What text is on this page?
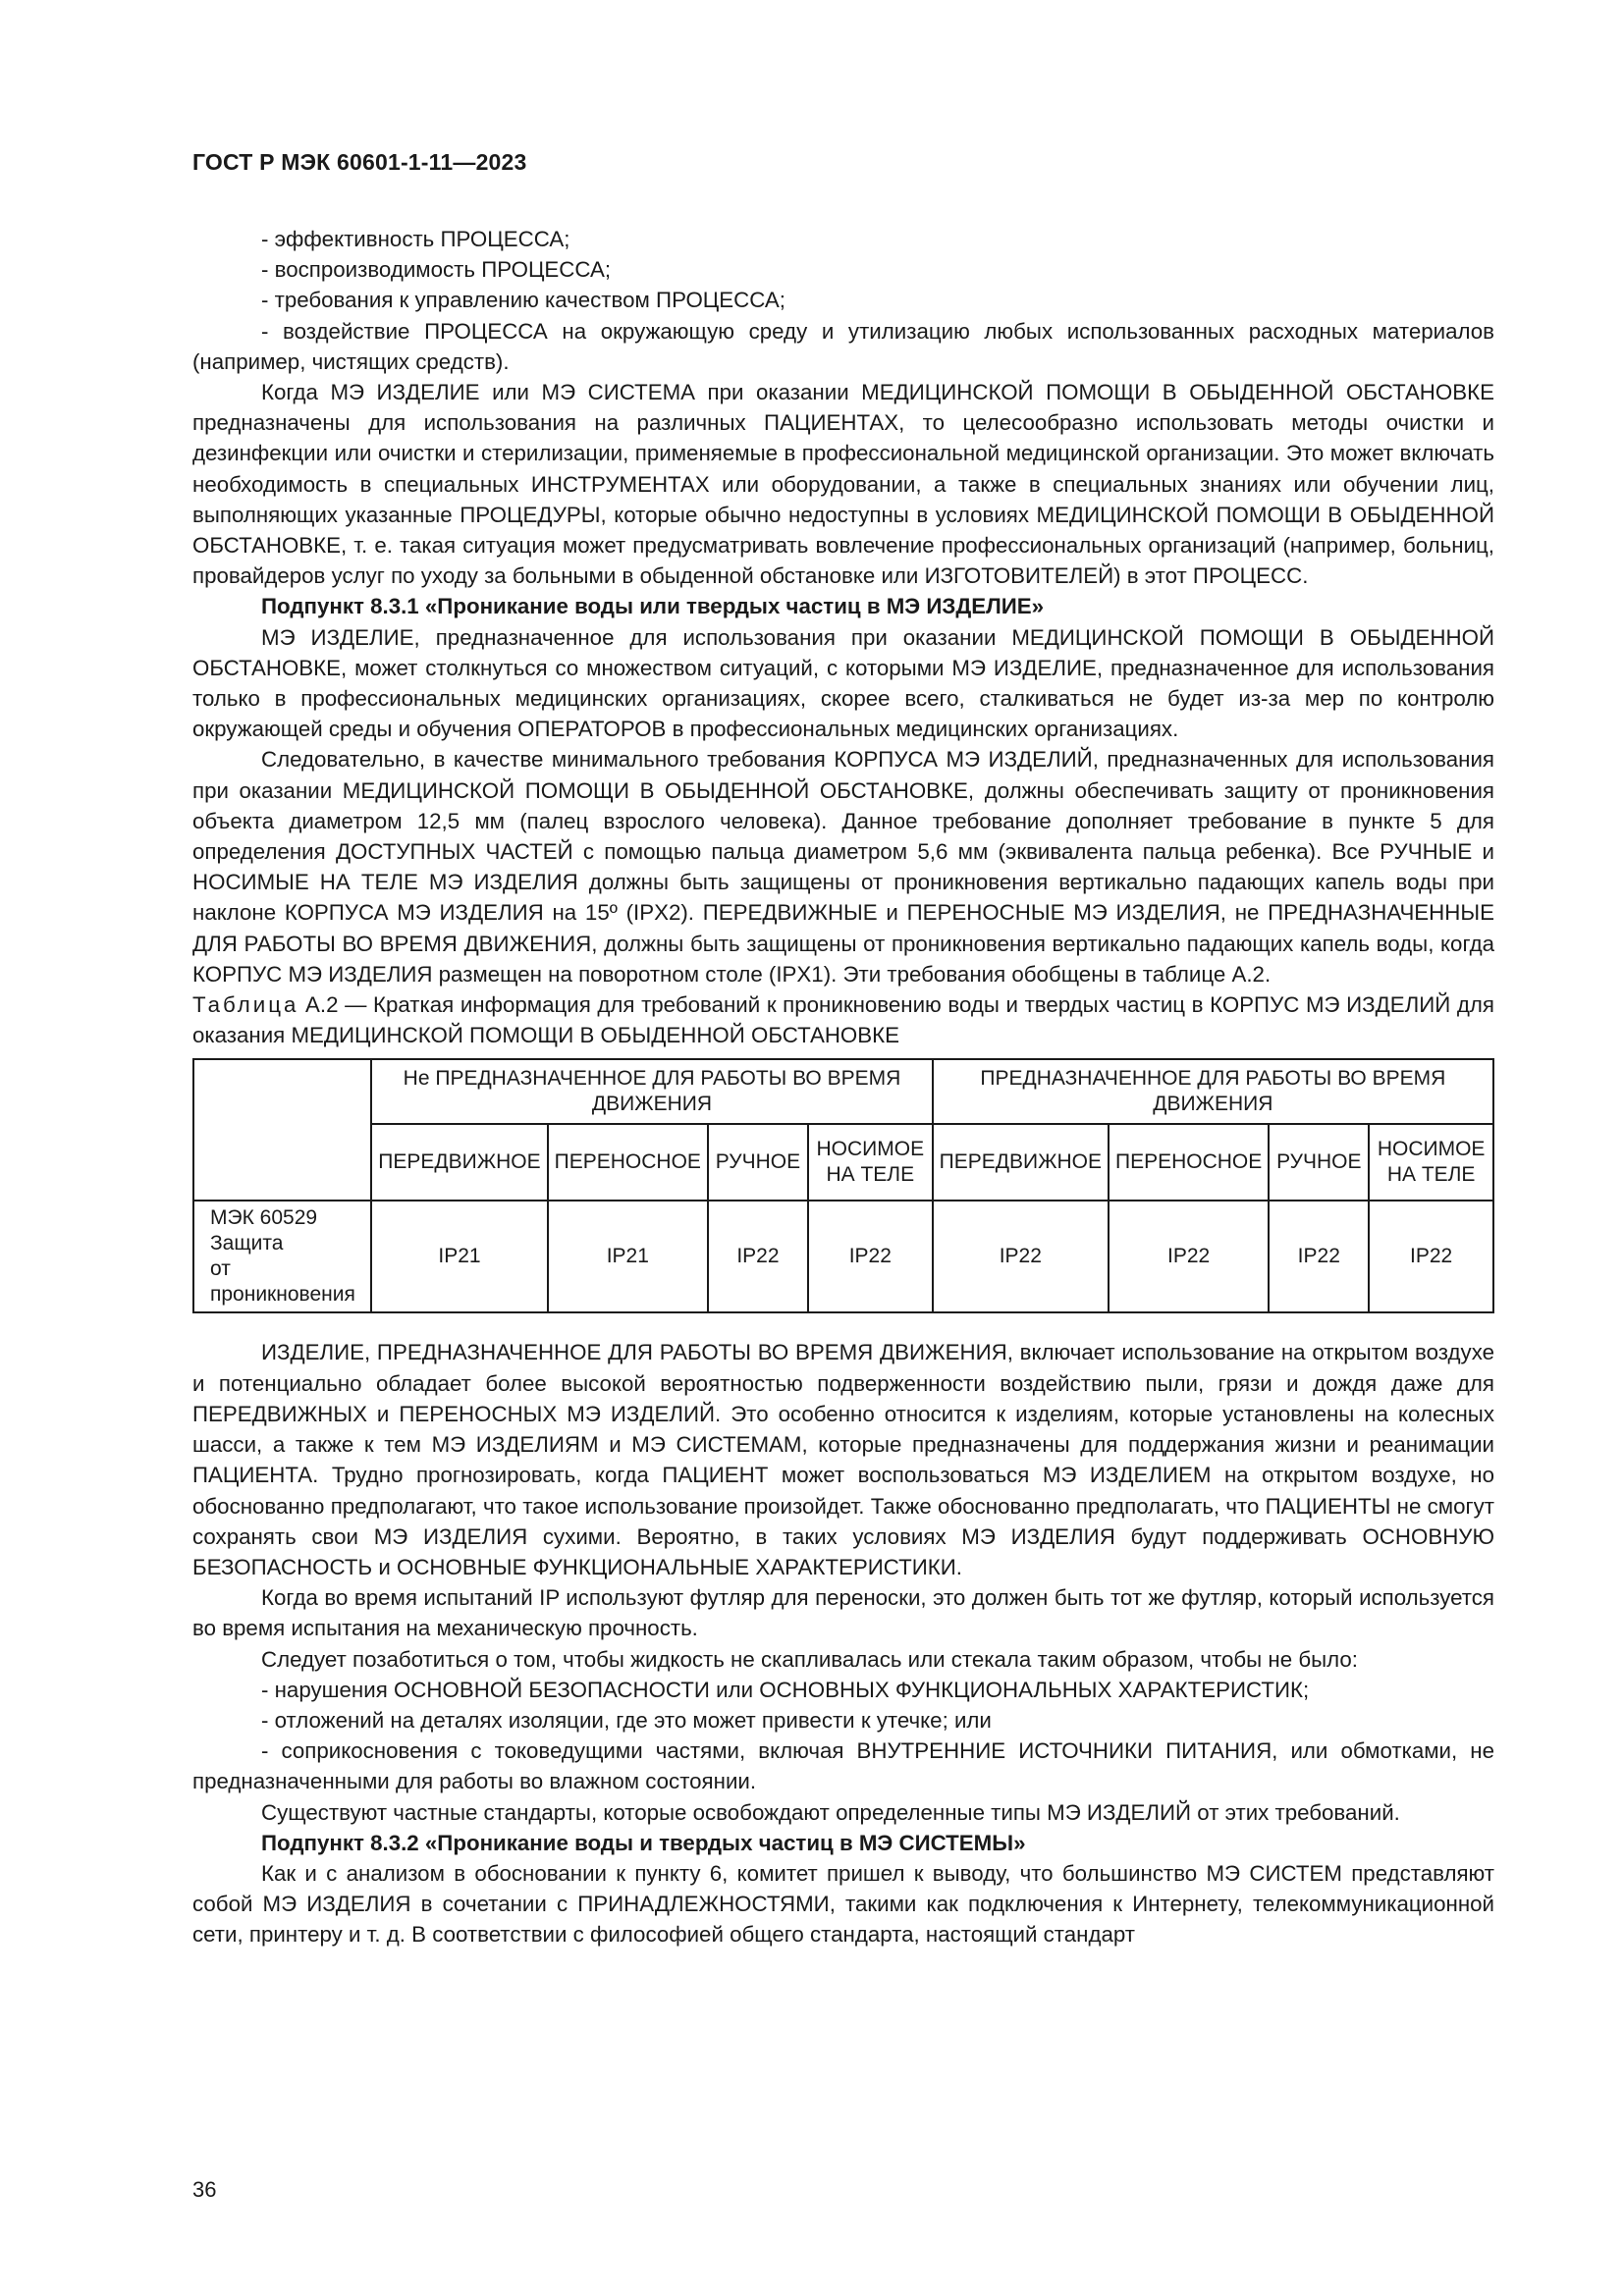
ГОСТ Р МЭК 60601-1-11—2023

- эффективность ПРОЦЕССА;

- воспроизводимость ПРОЦЕССА;

- требования к управлению качеством ПРОЦЕССА;

- воздействие ПРОЦЕССА на окружающую среду и утилизацию любых использованных расходных материалов (например, чистящих средств).

Когда МЭ ИЗДЕЛИЕ или МЭ СИСТЕМА при оказании МЕДИЦИНСКОЙ ПОМОЩИ В ОБЫДЕННОЙ ОБСТАНОВКЕ предназначены для использования на различных ПАЦИЕНТАХ, то целесообразно использовать методы очистки и дезинфекции или очистки и стерилизации, применяемые в профессиональной медицинской организации. Это может включать необходимость в специальных ИНСТРУМЕНТАХ или оборудовании, а также в специальных знаниях или обучении лиц, выполняющих указанные ПРОЦЕДУРЫ, которые обычно недоступны в условиях МЕДИЦИНСКОЙ ПОМОЩИ В ОБЫДЕННОЙ ОБСТАНОВКЕ, т. е. такая ситуация может предусматривать вовлечение профессиональных организаций (например, больниц, провайдеров услуг по уходу за больными в обыденной обстановке или ИЗГОТОВИТЕЛЕЙ) в этот ПРОЦЕСС.

Подпункт 8.3.1 «Проникание воды или твердых частиц в МЭ ИЗДЕЛИЕ»

МЭ ИЗДЕЛИЕ, предназначенное для использования при оказании МЕДИЦИНСКОЙ ПОМОЩИ В ОБЫДЕННОЙ ОБСТАНОВКЕ, может столкнуться со множеством ситуаций, с которыми МЭ ИЗДЕЛИЕ, предназначенное для использования только в профессиональных медицинских организациях, скорее всего, сталкиваться не будет из-за мер по контролю окружающей среды и обучения ОПЕРАТОРОВ в профессиональных медицинских организациях.

Следовательно, в качестве минимального требования КОРПУСА МЭ ИЗДЕЛИЙ, предназначенных для использования при оказании МЕДИЦИНСКОЙ ПОМОЩИ В ОБЫДЕННОЙ ОБСТАНОВКЕ, должны обеспечивать защиту от проникновения объекта диаметром 12,5 мм (палец взрослого человека). Данное требование дополняет требование в пункте 5 для определения ДОСТУПНЫХ ЧАСТЕЙ с помощью пальца диаметром 5,6 мм (эквивалента пальца ребенка). Все РУЧНЫЕ и НОСИМЫЕ НА ТЕЛЕ МЭ ИЗДЕЛИЯ должны быть защищены от проникновения вертикально падающих капель воды при наклоне КОРПУСА МЭ ИЗДЕЛИЯ на 15º (IPX2). ПЕРЕДВИЖНЫЕ и ПЕРЕНОСНЫЕ МЭ ИЗДЕЛИЯ, не ПРЕДНАЗНАЧЕННЫЕ ДЛЯ РАБОТЫ ВО ВРЕМЯ ДВИЖЕНИЯ, должны быть защищены от проникновения вертикально падающих капель воды, когда КОРПУС МЭ ИЗДЕЛИЯ размещен на поворотном столе (IPX1). Эти требования обобщены в таблице А.2.

Таблица А.2 — Краткая информация для требований к проникновению воды и твердых частиц в КОРПУС МЭ ИЗДЕЛИЙ для оказания МЕДИЦИНСКОЙ ПОМОЩИ В ОБЫДЕННОЙ ОБСТАНОВКЕ

	Не ПРЕДНАЗНАЧЕННОЕ ДЛЯ РАБОТЫ ВО ВРЕМЯ ДВИЖЕНИЯ				ПРЕДНАЗНАЧЕННОЕ ДЛЯ РАБОТЫ ВО ВРЕМЯ ДВИЖЕНИЯ			
	ПЕРЕДВИЖНОЕ	ПЕРЕНОСНОЕ	РУЧНОЕ	НОСИМОЕ НА ТЕЛЕ	ПЕРЕДВИЖНОЕ	ПЕРЕНОСНОЕ	РУЧНОЕ	НОСИМОЕ НА ТЕЛЕ

МЭК 60529
Защита
от проникновения	IP21	IP21	IP22	IP22	IP22	IP22	IP22	IP22

ИЗДЕЛИЕ, ПРЕДНАЗНАЧЕННОЕ ДЛЯ РАБОТЫ ВО ВРЕМЯ ДВИЖЕНИЯ, включает использование на открытом воздухе и потенциально обладает более высокой вероятностью подверженности воздействию пыли, грязи и дождя даже для ПЕРЕДВИЖНЫХ и ПЕРЕНОСНЫХ МЭ ИЗДЕЛИЙ. Это особенно относится к изделиям, которые установлены на колесных шасси, а также к тем МЭ ИЗДЕЛИЯМ и МЭ СИСТЕМАМ, которые предназначены для поддержания жизни и реанимации ПАЦИЕНТА. Трудно прогнозировать, когда ПАЦИЕНТ может воспользоваться МЭ ИЗДЕЛИЕМ на открытом воздухе, но обоснованно предполагают, что такое использование произойдет. Также обоснованно предполагать, что ПАЦИЕНТЫ не смогут сохранять свои МЭ ИЗДЕЛИЯ сухими. Вероятно, в таких условиях МЭ ИЗДЕЛИЯ будут поддерживать ОСНОВНУЮ БЕЗОПАСНОСТЬ и ОСНОВНЫЕ ФУНКЦИОНАЛЬНЫЕ ХАРАКТЕРИСТИКИ.

Когда во время испытаний IP используют футляр для переноски, это должен быть тот же футляр, который используется во время испытания на механическую прочность.

Следует позаботиться о том, чтобы жидкость не скапливалась или стекала таким образом, чтобы не было:

- нарушения ОСНОВНОЙ БЕЗОПАСНОСТИ или ОСНОВНЫХ ФУНКЦИОНАЛЬНЫХ ХАРАКТЕРИСТИК;

- отложений на деталях изоляции, где это может привести к утечке; или

- соприкосновения с токоведущими частями, включая ВНУТРЕННИЕ ИСТОЧНИКИ ПИТАНИЯ, или обмотками, не предназначенными для работы во влажном состоянии.

Существуют частные стандарты, которые освобождают определенные типы МЭ ИЗДЕЛИЙ от этих требований.

Подпункт 8.3.2 «Проникание воды и твердых частиц в МЭ СИСТЕМЫ»

Как и с анализом в обосновании к пункту 6, комитет пришел к выводу, что большинство МЭ СИСТЕМ представляют собой МЭ ИЗДЕЛИЯ в сочетании с ПРИНАДЛЕЖНОСТЯМИ, такими как подключения к Интернету, телекоммуникационной сети, принтеру и т. д. В соответствии с философией общего стандарта, настоящий стандарт

36
